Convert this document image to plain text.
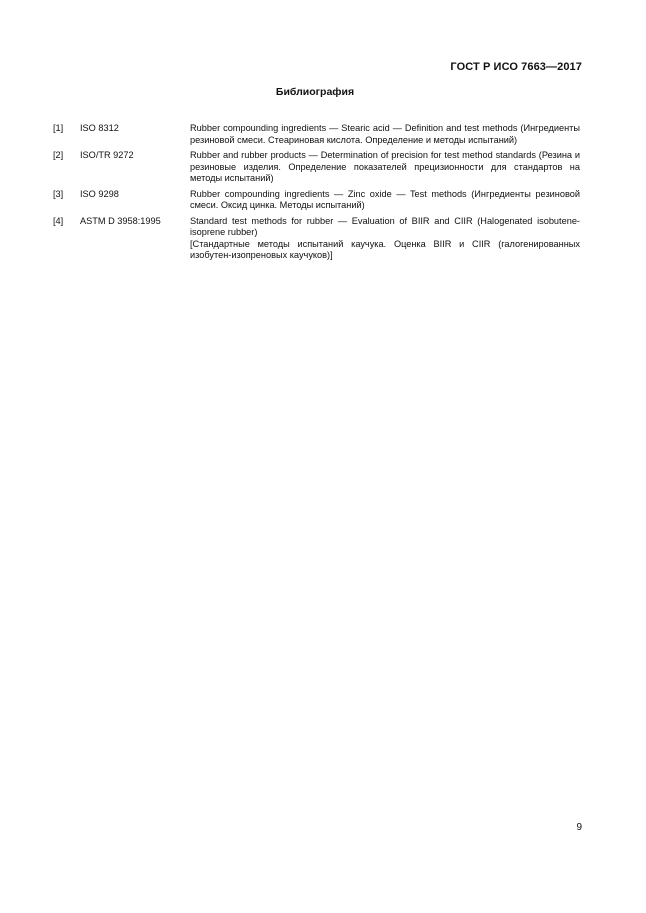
ГОСТ Р ИСО 7663—2017
Библиография
[1]	ISO 8312	Rubber compounding ingredients — Stearic acid — Definition and test methods (Ингредиенты резиновой смеси. Стеариновая кислота. Определение и методы испытаний)
[2]	ISO/TR 9272	Rubber and rubber products — Determination of precision for test method standards (Резина и резиновые изделия. Определение показателей прецизионности для стандартов на методы испытаний)
[3]	ISO 9298	Rubber compounding ingredients — Zinc oxide — Test methods (Ингредиенты резиновой смеси. Оксид цинка. Методы испытаний)
[4]	ASTM D 3958:1995	Standard test methods for rubber — Evaluation of BIIR and CIIR (Halogenated isobutene-isoprene rubber)
[Стандартные методы испытаний каучука. Оценка BIIR и CIIR (галогенированных изобутен-изопреновых каучуков)]
9
